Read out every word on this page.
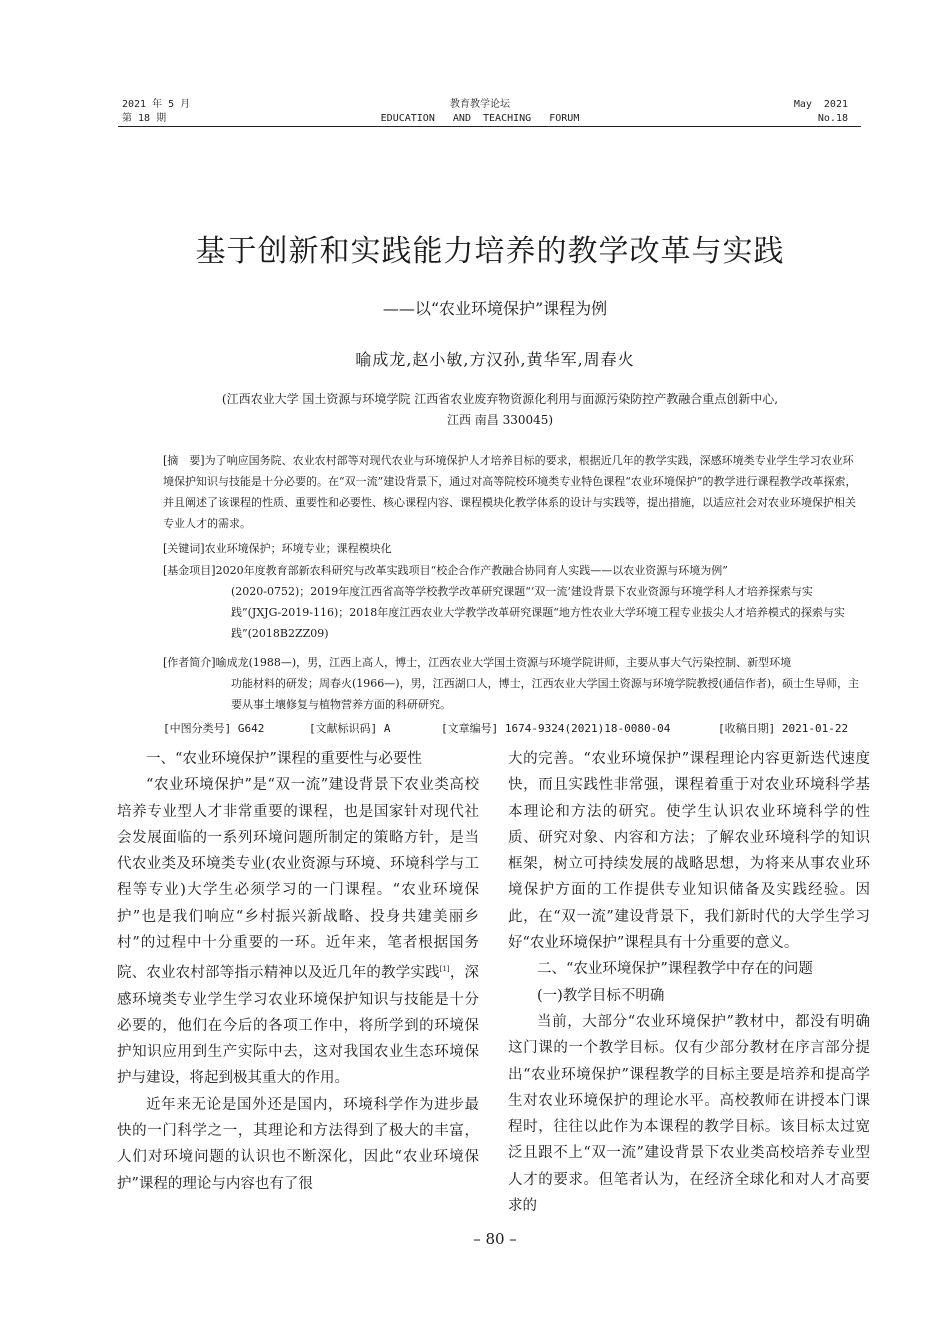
2021 年 5 月
第 18 期
教育教学论坛
EDUCATION   AND  TEACHING   FORUM
May  2021
No.18
基于创新和实践能力培养的教学改革与实践
——以“农业环境保护”课程为例
喻成龙,赵小敏,方汉孙,黄华军,周春火
(江西农业大学 国土资源与环境学院 江西省农业废弃物资源化利用与面源污染防控产教融合重点创新中心,
江西 南昌 330045)

[摘　要]为了响应国务院、农业农村部等对现代农业与环境保护人才培养目标的要求，根据近几年的教学实践，深感环境类专业学生学习农业环境保护知识与技能是十分必要的。在“双一流”建设背景下，通过对高等院校环境类专业特色课程“农业环境保护”的教学进行课程教学改革探索，并且阐述了该课程的性质、重要性和必要性、核心课程内容、课程模块化教学体系的设计与实践等，提出措施，以适应社会对农业环境保护相关专业人才的需求。

[关键词]农业环境保护；环境专业；课程模块化

[基金项目]2020年度教育部新农科研究与改革实践项目“校企合作产教融合协同育人实践——以农业资源与环境为例”

(2020-0752)；2019年度江西省高等学校教学改革研究课题“‘双一流’建设背景下农业资源与环境学科人才培养探索与实践”(JXJG-2019-116)；2018年度江西农业大学教学改革研究课题“地方性农业大学环境工程专业拔尖人才培养模式的探索与实践”(2018B2ZZ09)

[作者简介]喻成龙(1988—)，男，江西上高人，博士，江西农业大学国土资源与环境学院讲师，主要从事大气污染控制、新型环境

功能材料的研发；周春火(1966—)，男，江西湖口人，博士，江西农业大学国土资源与环境学院教授(通信作者)，硕士生导师，主要从事土壤修复与植物营养方面的科研研究。

[中图分类号] G642	[文献标识码] A	[文章编号] 1674-9324(2021)18-0080-04	[收稿日期] 2021-01-22

一、“农业环境保护”课程的重要性与必要性

“农业环境保护”是“双一流”建设背景下农业类高校培养专业型人才非常重要的课程，也是国家针对现代社会发展面临的一系列环境问题所制定的策略方针，是当代农业类及环境类专业(农业资源与环境、环境科学与工程等专业)大学生必须学习的一门课程。“农业环境保护”也是我们响应“乡村振兴新战略、投身共建美丽乡村”的过程中十分重要的一环。近年来，笔者根据国务院、农业农村部等指示精神以及近几年的教学实践[1]，深感环境类专业学生学习农业环境保护知识与技能是十分必要的，他们在今后的各项工作中，将所学到的环境保护知识应用到生产实际中去，这对我国农业生态环境保护与建设，将起到极其重大的作用。

近年来无论是国外还是国内，环境科学作为进步最快的一门科学之一，其理论和方法得到了极大的丰富，人们对环境问题的认识也不断深化，因此“农业环境保护”课程的理论与内容也有了很

大的完善。“农业环境保护”课程理论内容更新迭代速度快，而且实践性非常强，课程着重于对农业环境科学基本理论和方法的研究。使学生认识农业环境科学的性质、研究对象、内容和方法；了解农业环境科学的知识框架，树立可持续发展的战略思想，为将来从事农业环境保护方面的工作提供专业知识储备及实践经验。因此，在“双一流”建设背景下，我们新时代的大学生学习好“农业环境保护”课程具有十分重要的意义。

二、“农业环境保护”课程教学中存在的问题

(一)教学目标不明确

当前，大部分“农业环境保护”教材中，都没有明确这门课的一个教学目标。仅有少部分教材在序言部分提出“农业环境保护”课程教学的目标主要是培养和提高学生对农业环境保护的理论水平。高校教师在讲授本门课程时，往往以此作为本课程的教学目标。该目标太过宽泛且跟不上“双一流”建设背景下农业类高校培养专业型人才的要求。但笔者认为，在经济全球化和对人才高要求的

– 80 –
